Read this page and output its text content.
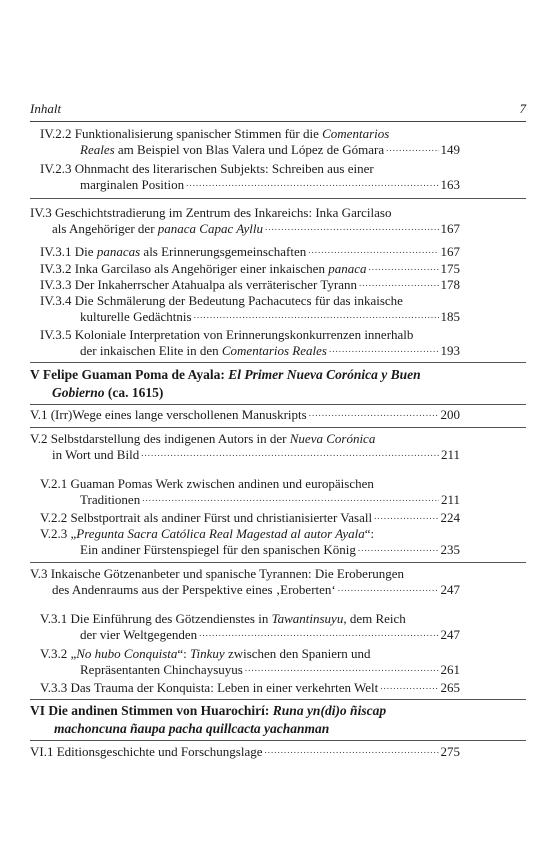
Inhalt	7
IV.2.2 Funktionalisierung spanischer Stimmen für die Comentarios
Reales am Beispiel von Blas Valera und López de Gómara .....	149
IV.2.3 Ohnmacht des literarischen Subjekts: Schreiben aus einer
marginalen Position .....	163
IV.3 Geschichtstradierung im Zentrum des Inkareichs: Inka Garcilaso
als Angehöriger der panaca Capac Ayllu .....	167
IV.3.1 Die panacas als Erinnerungsgemeinschaften .....	167
IV.3.2 Inka Garcilaso als Angehöriger einer inkaischen panaca .....	175
IV.3.3 Der Inkaherrscher Atahualpa als verräterischer Tyrann .....	178
IV.3.4 Die Schmälerung der Bedeutung Pachacutecs für das inkaische
kulturelle Gedächtnis .....	185
IV.3.5 Koloniale Interpretation von Erinnerungskonkurrenzen innerhalb
der inkaischen Elite in den Comentarios Reales .....	193
V Felipe Guaman Poma de Ayala: El Primer Nueva Corónica y Buen
Gobierno (ca. 1615)
V.1 (Irr)Wege eines lange verschollenen Manuskripts .....	200
V.2 Selbstdarstellung des indigenen Autors in der Nueva Corónica
in Wort und Bild .....	211
V.2.1 Guaman Pomas Werk zwischen andinen und europäischen
Traditionen .....	211
V.2.2 Selbstportrait als andiner Fürst und christianisierter Vasall .....	224
V.2.3 „Pregunta Sacra Católica Real Magestad al autor Ayala“:
Ein andiner Fürstenspiegel für den spanischen König .....	235
V.3 Inkaische Götzenanbeter und spanische Tyrannen: Die Eroberungen
des Andenraums aus der Perspektive eines ‚Eroberten‘ .....	247
V.3.1 Die Einführung des Götzendienstes in Tawantinsuyu, dem Reich
der vier Weltgegenden .....	247
V.3.2 „No hubo Conquista“: Tinkuy zwischen den Spaniern und
Repräsentanten Chinchaysuyus .....	261
V.3.3 Das Trauma der Konquista: Leben in einer verkehrten Welt .....	265
VI Die andinen Stimmen von Huarochirí: Runa yn(di)o ñiscap
machoncuna ñaupa pacha quillcacta yachanman
VI.1 Editionsgeschichte und Forschungslage .....	275
